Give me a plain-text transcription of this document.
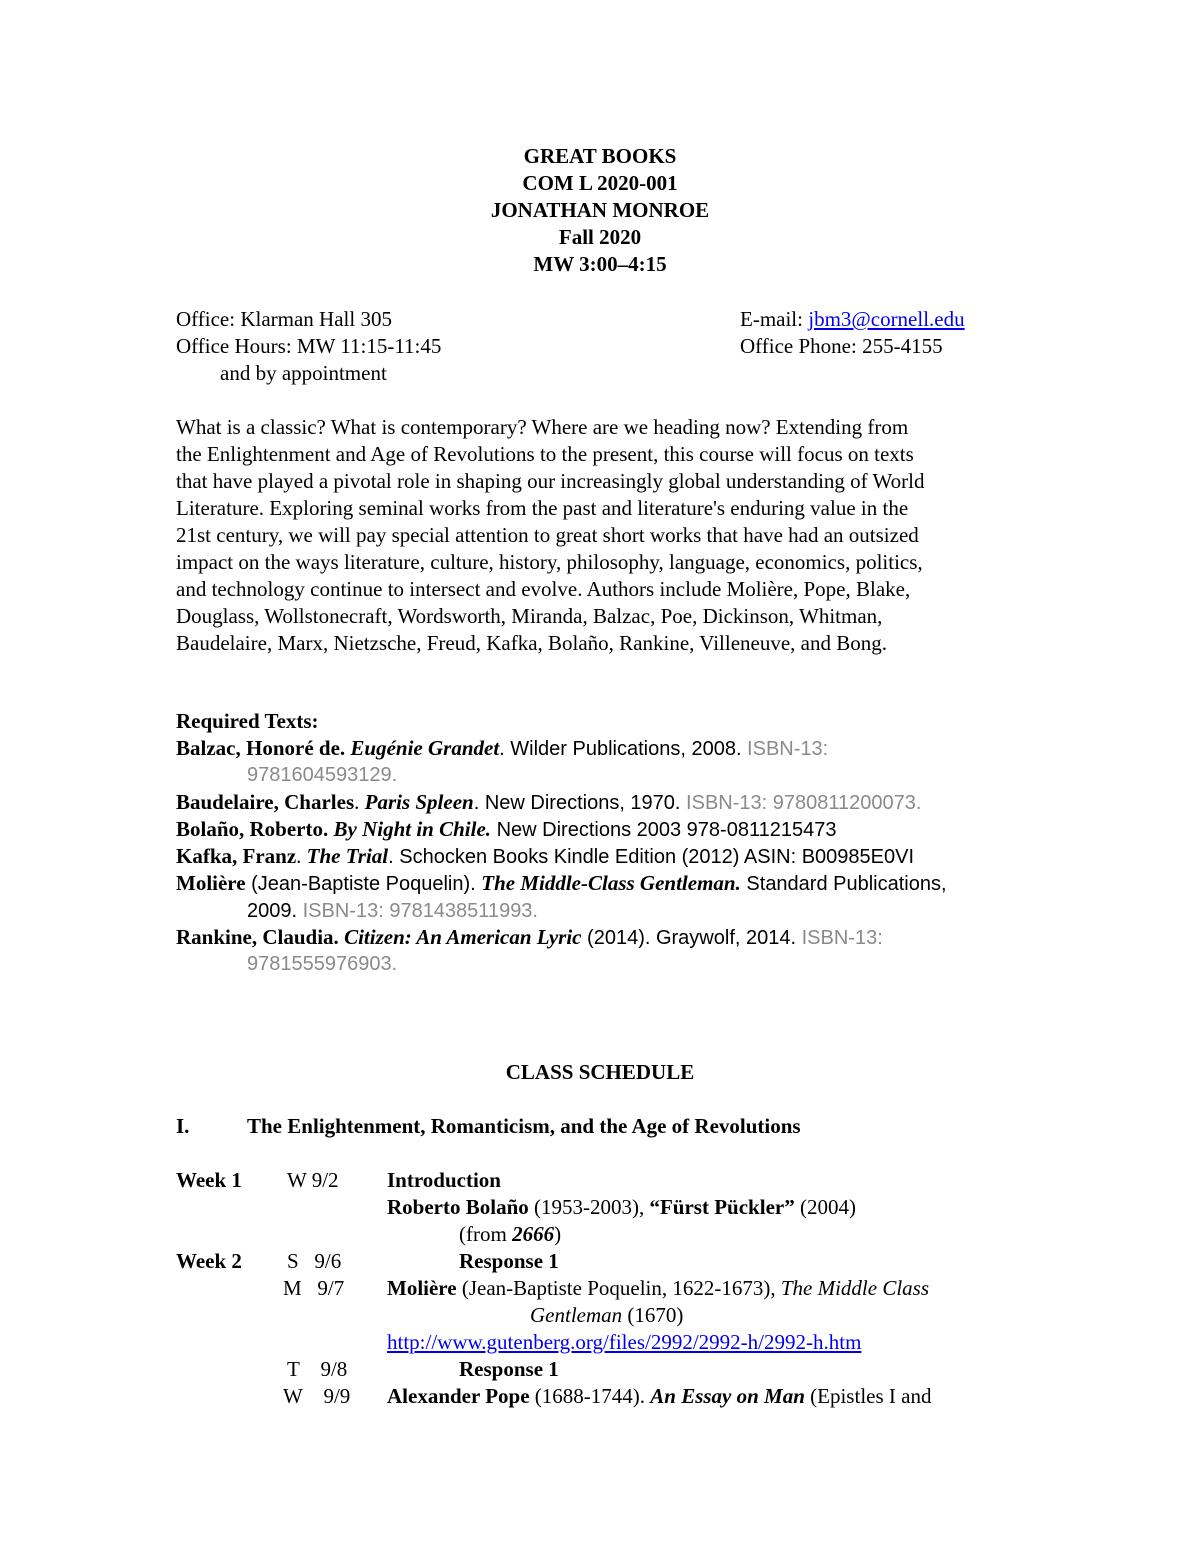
GREAT BOOKS
COM L 2020-001
JONATHAN MONROE
Fall 2020
MW 3:00–4:15
Office: Klarman Hall 305
Office Hours: MW 11:15-11:45
and by appointment
E-mail: jbm3@cornell.edu
Office Phone: 255-4155
What is a classic? What is contemporary? Where are we heading now? Extending from
the Enlightenment and Age of Revolutions to the present, this course will focus on texts
that have played a pivotal role in shaping our increasingly global understanding of World
Literature. Exploring seminal works from the past and literature's enduring value in the
21st century, we will pay special attention to great short works that have had an outsized
impact on the ways literature, culture, history, philosophy, language, economics, politics,
and technology continue to intersect and evolve. Authors include Molière, Pope, Blake,
Douglass, Wollstonecraft, Wordsworth, Miranda, Balzac, Poe, Dickinson, Whitman,
Baudelaire, Marx, Nietzsche, Freud, Kafka, Bolaño, Rankine, Villeneuve, and Bong.
Required Texts:
Balzac, Honoré de. Eugénie Grandet. Wilder Publications, 2008. ISBN-13:
9781604593129.
Baudelaire, Charles. Paris Spleen. New Directions, 1970. ISBN-13: 9780811200073.
Bolaño, Roberto. By Night in Chile. New Directions 2003 978-0811215473
Kafka, Franz. The Trial. Schocken Books Kindle Edition (2012) ASIN: B00985E0VI
Molière (Jean-Baptiste Poquelin). The Middle-Class Gentleman. Standard Publications,
2009. ISBN-13: 9781438511993.
Rankine, Claudia. Citizen: An American Lyric (2014). Graywolf, 2014. ISBN-13:
9781555976903.
CLASS SCHEDULE
I.	The Enlightenment, Romanticism, and the Age of Revolutions
Week 1 W 9/2 Introduction
Roberto Bolaño (1953-2003), “Fürst Pückler” (2004)
(from 2666)
Week 2 S   9/6	Response 1
M   9/7 Molière (Jean-Baptiste Poquelin, 1622-1673), The Middle Class
Gentleman (1670)
http://www.gutenberg.org/files/2992/2992-h/2992-h.htm
T    9/8	Response 1
W    9/9 Alexander Pope (1688-1744). An Essay on Man (Epistles I and
